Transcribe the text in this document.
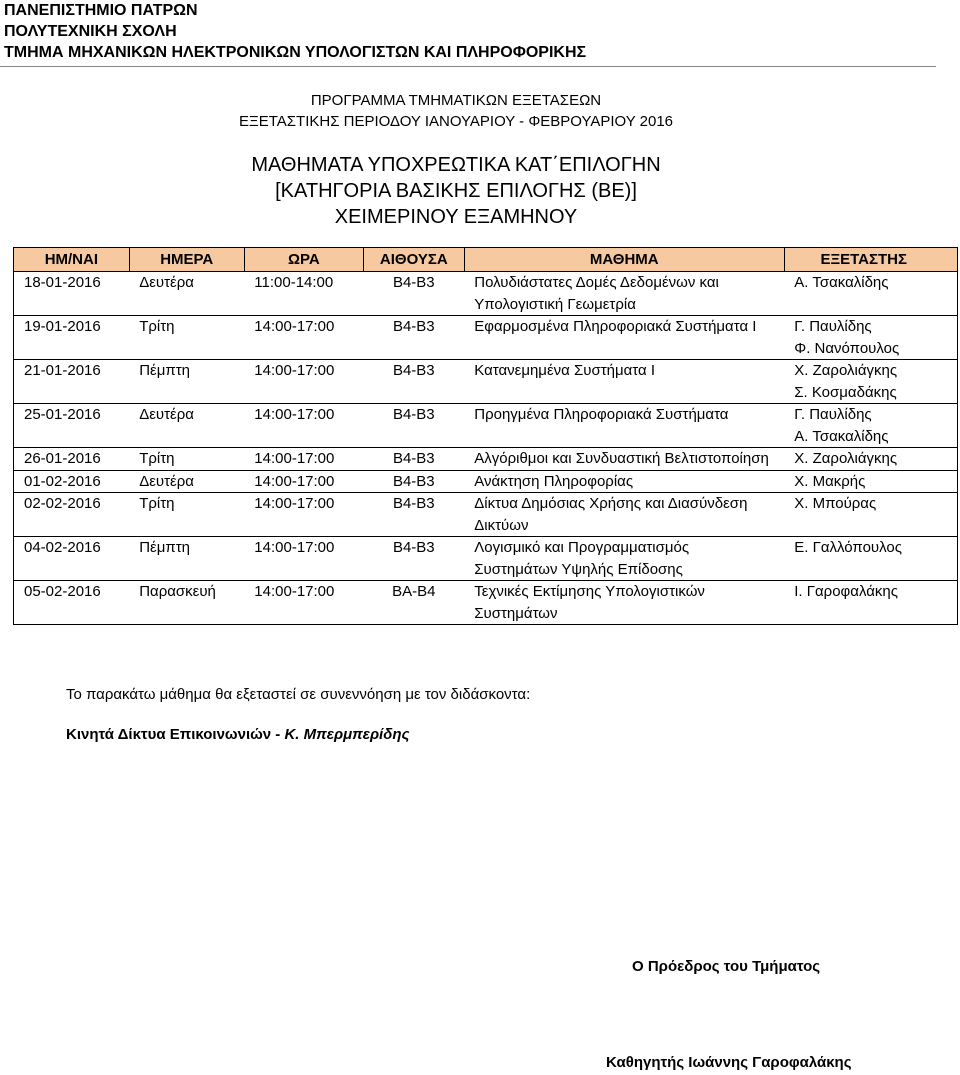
ΠΑΝΕΠΙΣΤΗΜΙΟ ΠΑΤΡΩΝ
ΠΟΛΥΤΕΧΝΙΚΗ ΣΧΟΛΗ
ΤΜΗΜΑ ΜΗΧΑΝΙΚΩΝ ΗΛΕΚΤΡΟΝΙΚΩΝ ΥΠΟΛΟΓΙΣΤΩΝ ΚΑΙ ΠΛΗΡΟΦΟΡΙΚΗΣ
ΠΡΟΓΡΑΜΜΑ ΤΜΗΜΑΤΙΚΩΝ ΕΞΕΤΑΣΕΩΝ
ΕΞΕΤΑΣΤΙΚΗΣ ΠΕΡΙΟΔΟΥ ΙΑΝΟΥΑΡΙΟΥ - ΦΕΒΡΟΥΑΡΙΟΥ 2016
ΜΑΘΗΜΑΤΑ ΥΠΟΧΡΕΩΤΙΚΑ ΚΑΤ΄ΕΠΙΛΟΓΗΝ
[ΚΑΤΗΓΟΡΙΑ ΒΑΣΙΚΗΣ ΕΠΙΛΟΓΗΣ (ΒΕ)]
ΧΕΙΜΕΡΙΝΟΥ ΕΞΑΜΗΝΟΥ
ΗΜ/ΝΑΙ	ΗΜΕΡΑ	ΩΡΑ	ΑΙΘΟΥΣΑ	ΜΑΘΗΜΑ	ΕΞΕΤΑΣΤΗΣ
18-01-2016	Δευτέρα	11:00-14:00	Β4-Β3	Πολυδιάστατες Δομές Δεδομένων και Υπολογιστική Γεωμετρία	Α. Τσακαλίδης

19-01-2016	Τρίτη	14:00-17:00	Β4-Β3	Εφαρμοσμένα Πληροφοριακά Συστήματα Ι	Γ. Παυλίδης
Φ. Νανόπουλος

21-01-2016	Πέμπτη	14:00-17:00	Β4-Β3	Κατανεμημένα Συστήματα Ι	Χ. Ζαρολιάγκης
Σ. Κοσμαδάκης

25-01-2016	Δευτέρα	14:00-17:00	Β4-Β3	Προηγμένα Πληροφοριακά Συστήματα	Γ. Παυλίδης
Α. Τσακαλίδης

26-01-2016	Τρίτη	14:00-17:00	Β4-Β3	Αλγόριθμοι και Συνδυαστική Βελτιστοποίηση	Χ. Ζαρολιάγκης

01-02-2016	Δευτέρα	14:00-17:00	Β4-Β3	Ανάκτηση Πληροφορίας	Χ. Μακρής

02-02-2016	Τρίτη	14:00-17:00	Β4-Β3	Δίκτυα Δημόσιας Χρήσης και Διασύνδεση Δικτύων	Χ. Μπούρας

04-02-2016	Πέμπτη	14:00-17:00	Β4-Β3	Λογισμικό και Προγραμματισμός Συστημάτων Υψηλής Επίδοσης	Ε. Γαλλόπουλος

05-02-2016	Παρασκευή	14:00-17:00	ΒΑ-Β4	Τεχνικές Εκτίμησης Υπολογιστικών Συστημάτων	Ι. Γαροφαλάκης
Το παρακάτω μάθημα θα εξεταστεί σε συνεννόηση με τον διδάσκοντα:
Κινητά Δίκτυα Επικοινωνιών - Κ. Μπερμπερίδης
Ο Πρόεδρος του Τμήματος
Καθηγητής Ιωάννης Γαροφαλάκης
